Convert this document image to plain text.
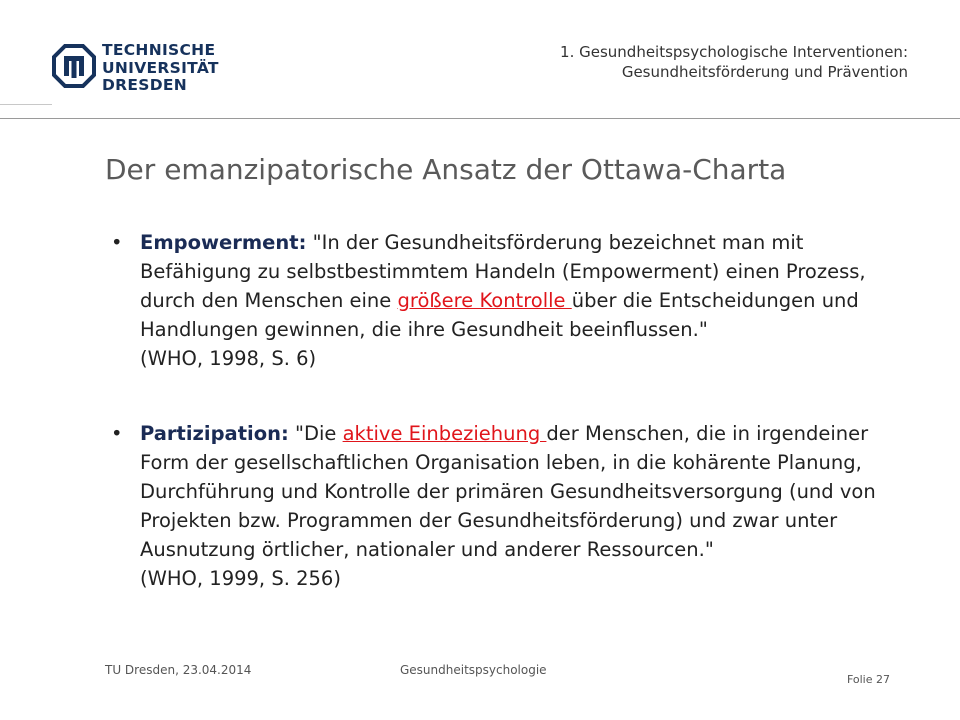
TECHNISCHE
UNIVERSITÄT
DRESDEN
1. Gesundheitspsychologische Interventionen:
Gesundheitsförderung und Prävention
Der emanzipatorische Ansatz der Ottawa-Charta
• Empowerment: "In der Gesundheitsförderung bezeichnet man mit Befähigung zu selbstbestimmtem Handeln (Empowerment) einen Prozess, durch den Menschen eine größere Kontrolle über die Entscheidungen und Handlungen gewinnen, die ihre Gesundheit beeinflussen."
(WHO, 1998, S. 6)
• Partizipation: "Die aktive Einbeziehung der Menschen, die in irgendeiner Form der gesellschaftlichen Organisation leben, in die kohärente Planung, Durchführung und Kontrolle der primären Gesundheitsversorgung (und von Projekten bzw. Programmen der Gesundheitsförderung) und zwar unter Ausnutzung örtlicher, nationaler und anderer Ressourcen."
(WHO, 1999, S. 256)
TU Dresden, 23.04.2014	Gesundheitspsychologie
Folie 27
